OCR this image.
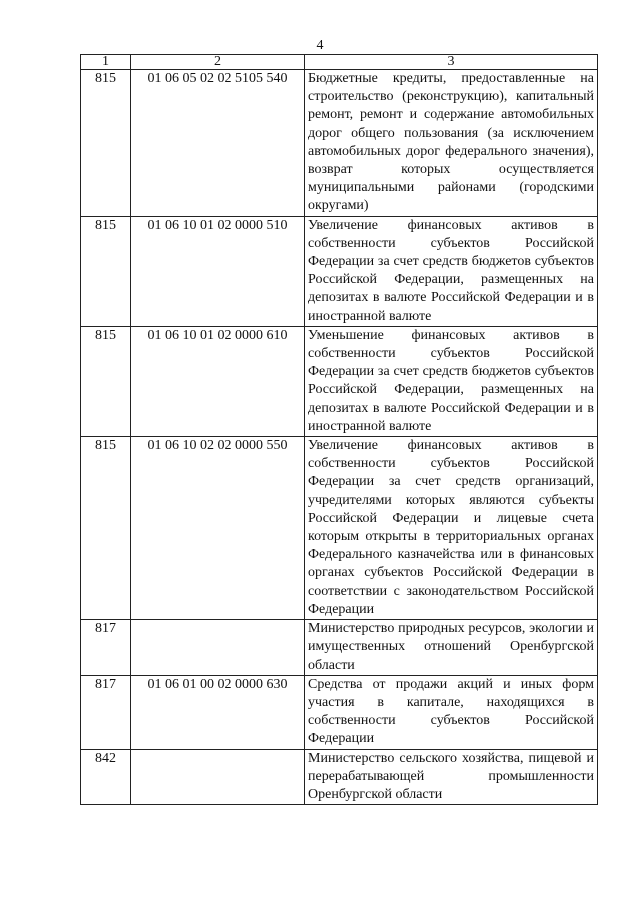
4
1	2	3
815	01 06 05 02 02 5105 540	Бюджетные кредиты, предоставленные на строительство (реконструкцию), капитальный ремонт, ремонт и содержание автомобильных дорог общего пользования (за исключением автомобильных дорог федерального значения), возврат которых осуществляется муниципальными районами (городскими округами)
815	01 06 10 01 02 0000 510	Увеличение финансовых активов в собственности субъектов Российской Федерации за счет средств бюджетов субъектов Российской Федерации, размещенных на депозитах в валюте Российской Федерации и в иностранной валюте
815	01 06 10 01 02 0000 610	Уменьшение финансовых активов в собственности субъектов Российской Федерации за счет средств бюджетов субъектов Российской Федерации, размещенных на депозитах в валюте Российской Федерации и в иностранной валюте
815	01 06 10 02 02 0000 550	Увеличение финансовых активов в собственности субъектов Российской Федерации за счет средств организаций, учредителями которых являются субъекты Российской Федерации и лицевые счета которым открыты в территориальных органах Федерального казначейства или в финансовых органах субъектов Российской Федерации в соответствии с законодательством Российской Федерации
817		Министерство природных ресурсов, экологии и имущественных отношений Оренбургской области
817	01 06 01 00 02 0000 630	Средства от продажи акций и иных форм участия в капитале, находящихся в собственности субъектов Российской Федерации
842		Министерство сельского хозяйства, пищевой и перерабатывающей промышленности Оренбургской области
